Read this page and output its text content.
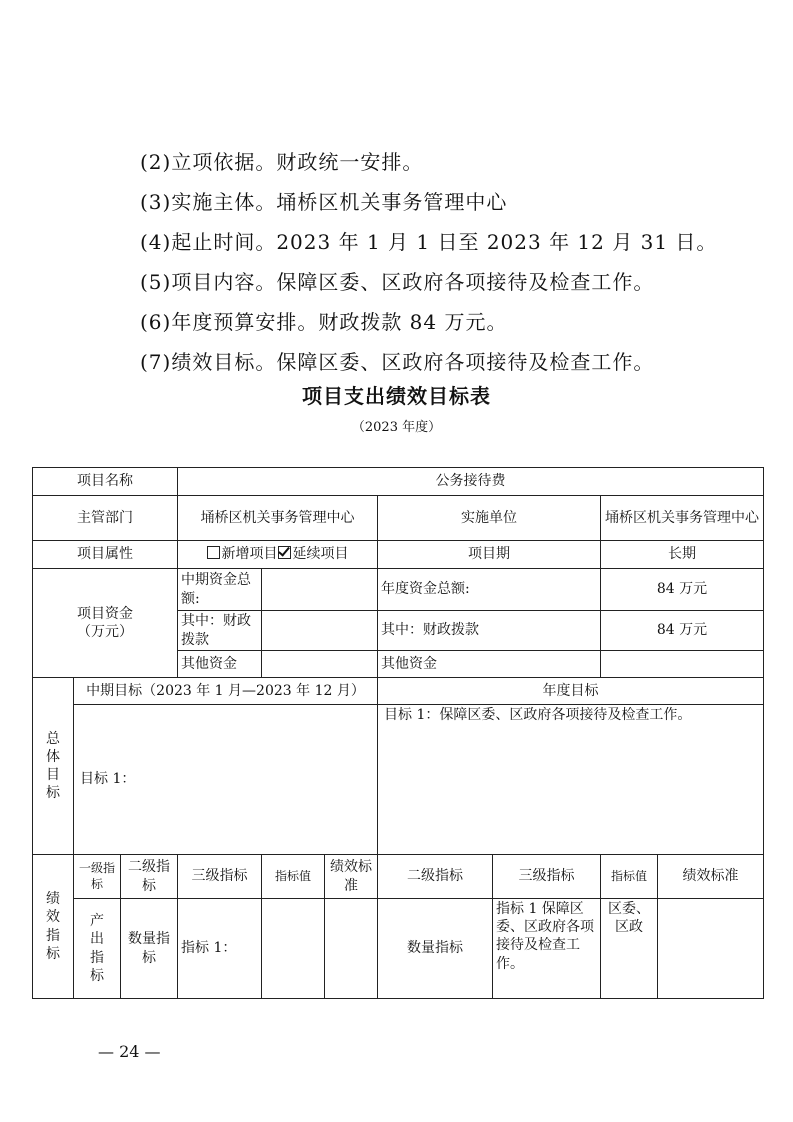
(2)立项依据。财政统一安排。
(3)实施主体。埇桥区机关事务管理中心
(4)起止时间。2023 年 1 月 1 日至 2023 年 12 月 31 日。
(5)项目内容。保障区委、区政府各项接待及检查工作。
(6)年度预算安排。财政拨款 84 万元。
(7)绩效目标。保障区委、区政府各项接待及检查工作。
项目支出绩效目标表
（2023 年度）
项目名称			公务接待费						
主管部门			埇桥区机关事务管理中心			实施单位		埇桥区机关事务管理中心	
项目属性			新增项目 延续项目			项目期		长期	
项目资金
（万元）			中期资金总额:			年度资金总额:		84 万元	
			其中：财政拨款			其中：财政拨款		84 万元	
			其他资金			其他资金			

总
体
目
标	中期目标（2023 年 1 月—2023 年 12 月）					年度目标			
	目标 1：					目标 1：保障区委、区政府各项接待及检查工作。			

绩
效
指
标	一级指标	二级指标	三级指标	指标值	绩效标准	二级指标	三级指标	指标值	绩效标准

	产
出
指
标	数量指标	指标 1：			数量指标	指标 1 保障区委、区政府各项接待及检查工作。	区委、区政	
— 24 —
